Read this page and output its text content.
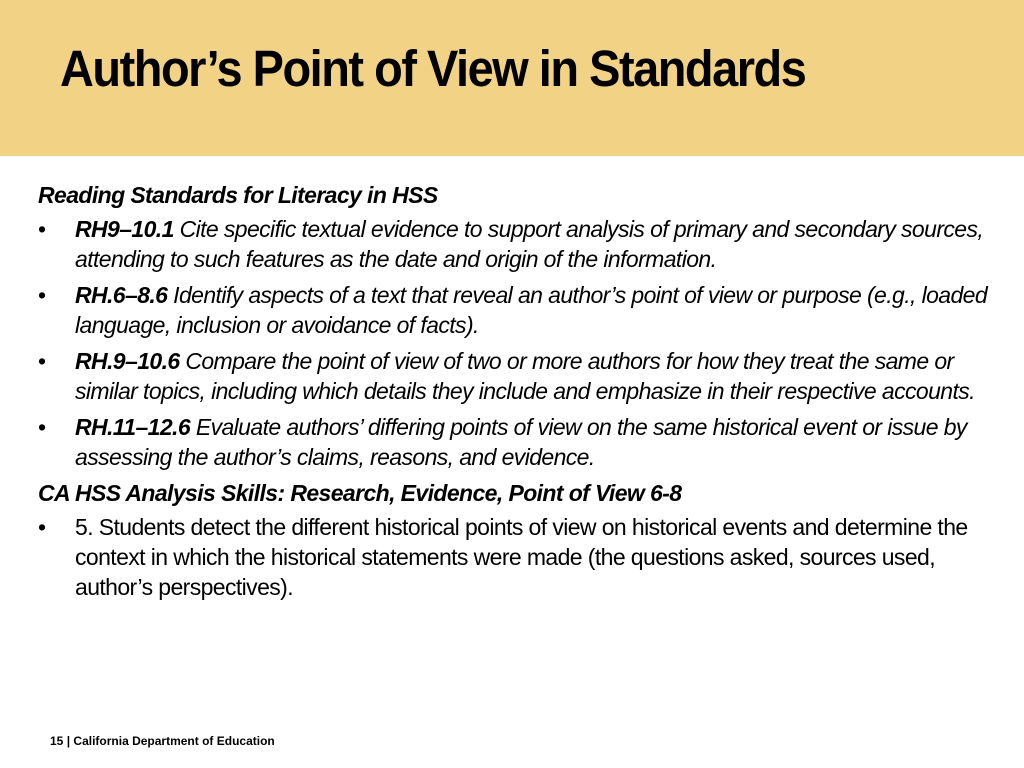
Author’s Point of View in Standards
Reading Standards for Literacy in HSS
• RH9–10.1 Cite specific textual evidence to support analysis of primary and secondary sources, attending to such features as the date and origin of the information.
• RH.6–8.6 Identify aspects of a text that reveal an author’s point of view or purpose (e.g., loaded language, inclusion or avoidance of facts).
• RH.9–10.6 Compare the point of view of two or more authors for how they treat the same or similar topics, including which details they include and emphasize in their respective accounts.
• RH.11–12.6 Evaluate authors’ differing points of view on the same historical event or issue by assessing the author’s claims, reasons, and evidence.
CA HSS Analysis Skills: Research, Evidence, Point of View 6-8
• 5. Students detect the different historical points of view on historical events and determine the context in which the historical statements were made (the questions asked, sources used, author’s perspectives).
15 | California Department of Education
